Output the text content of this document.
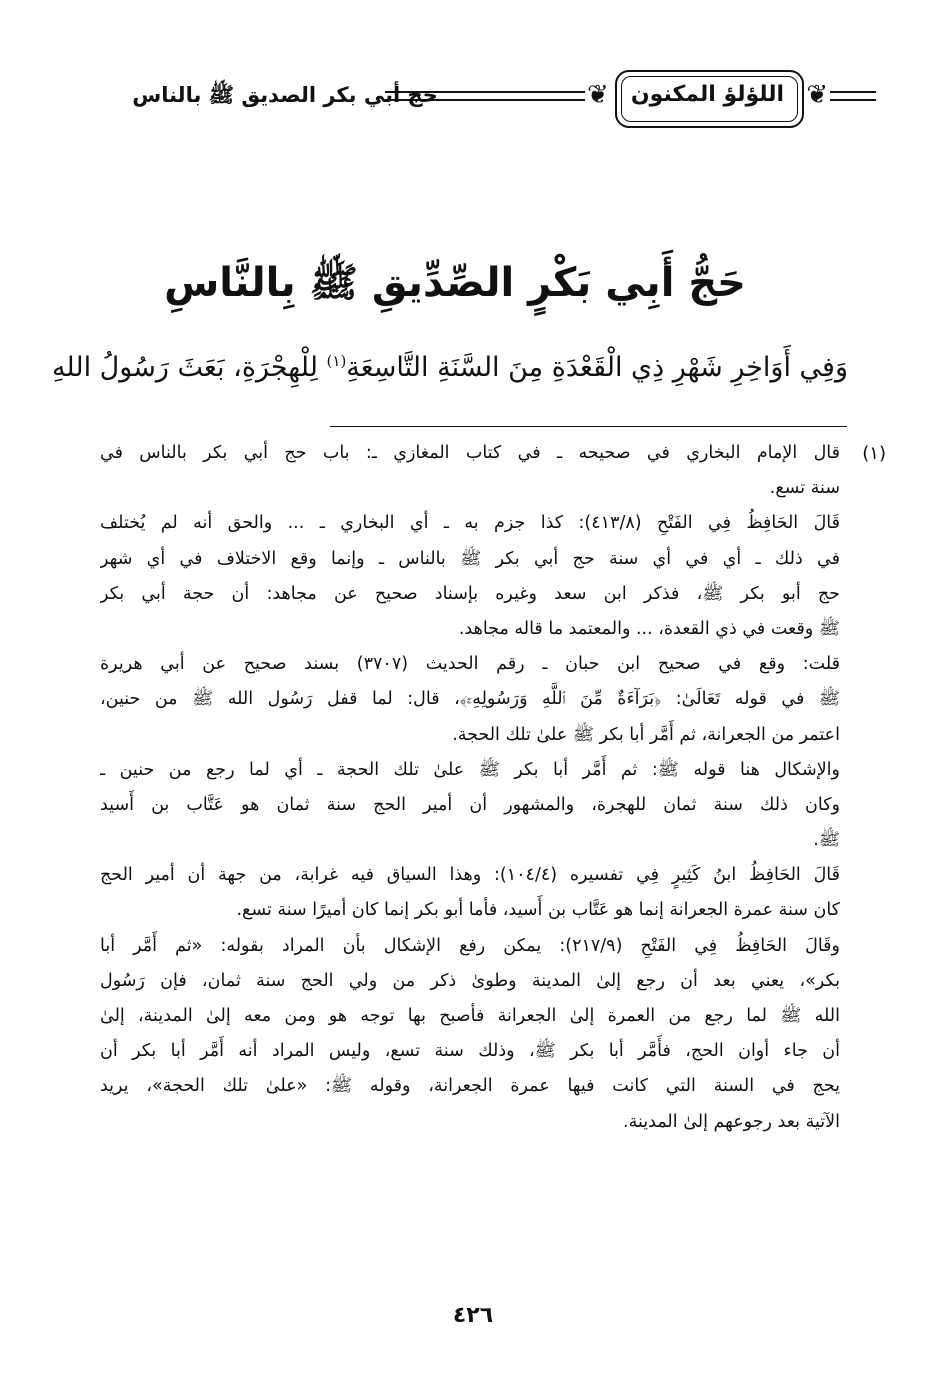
حج أبي بكر الصديق ﷺ بالناس	❦	اللؤلؤ المكنون ❦
حَجُّ أَبِي بَكْرٍ الصِّدِّيقِ ﷺ بِالنَّاسِ
وَفِي أَوَاخِرِ شَهْرِ ذِي الْقَعْدَةِ مِنَ السَّنَةِ التَّاسِعَةِ$^{(١)}$ لِلْهِجْرَةِ، بَعَثَ رَسُولُ اللهِ
(١)
قال الإمام البخاري في صحيحه ـ في كتاب المغازي ـ: باب حج أبي بكر بالناس في
سنة تسع.
قَالَ الحَافِظُ فِي الفَتْحِ (٤١٣/٨): كذا جزم به ـ أي البخاري ـ ... والحق أنه لم يُختلف
في ذلك ـ أي في أي سنة حج أبي بكر ﷺ بالناس ـ وإنما وقع الاختلاف في أي شهر
حج أبو بكر ﷺ، فذكر ابن سعد وغيره بإسناد صحيح عن مجاهد: أن حجة أبي بكر
ﷺ وقعت في ذي القعدة، ... والمعتمد ما قاله مجاهد.
قلت: وقع في صحيح ابن حبان ـ رقم الحديث (٣٧٠٧) بسند صحيح عن أبي هريرة
ﷺ في قوله تَعَالَىٰ: ﴿بَرَآءَةٌ مِّنَ ٱللَّهِ وَرَسُولِهِۦٓ﴾، قال: لما قفل رَسُول الله ﷺ من حنين،
اعتمر من الجعرانة، ثم أَمَّر أبا بكر ﷺ علىٰ تلك الحجة.
والإشكال هنا قوله ﷺ: ثم أَمَّر أبا بكر ﷺ علىٰ تلك الحجة ـ أي لما رجع من حنين ـ
وكان ذلك سنة ثمان للهجرة، والمشهور أن أمير الحج سنة ثمان هو عَتَّاب بن أَسيد
ﷺ.
قَالَ الحَافِظُ ابنُ كَثِيرٍ فِي تفسيره (١٠٤/٤): وهذا السياق فيه غرابة، من جهة أن أمير الحج
كان سنة عمرة الجعرانة إنما هو عَتَّاب بن أَسيد، فأما أبو بكر إنما كان أميرًا سنة تسع.
وقَالَ الحَافِظُ فِي الفَتْحِ (٢١٧/٩): يمكن رفع الإشكال بأن المراد بقوله: «ثم أَمَّر أبا
بكر»، يعني بعد أن رجع إلىٰ المدينة وطوىٰ ذكر من ولي الحج سنة ثمان، فإن رَسُول
الله ﷺ لما رجع من العمرة إلىٰ الجعرانة فأصبح بها توجه هو ومن معه إلىٰ المدينة، إلىٰ
أن جاء أوان الحج، فأَمَّر أبا بكر ﷺ، وذلك سنة تسع، وليس المراد أنه أَمَّر أبا بكر أن
يحج في السنة التي كانت فيها عمرة الجعرانة، وقوله ﷺ: «علىٰ تلك الحجة»، يريد
الآتية بعد رجوعهم إلىٰ المدينة.
٤٢٦
